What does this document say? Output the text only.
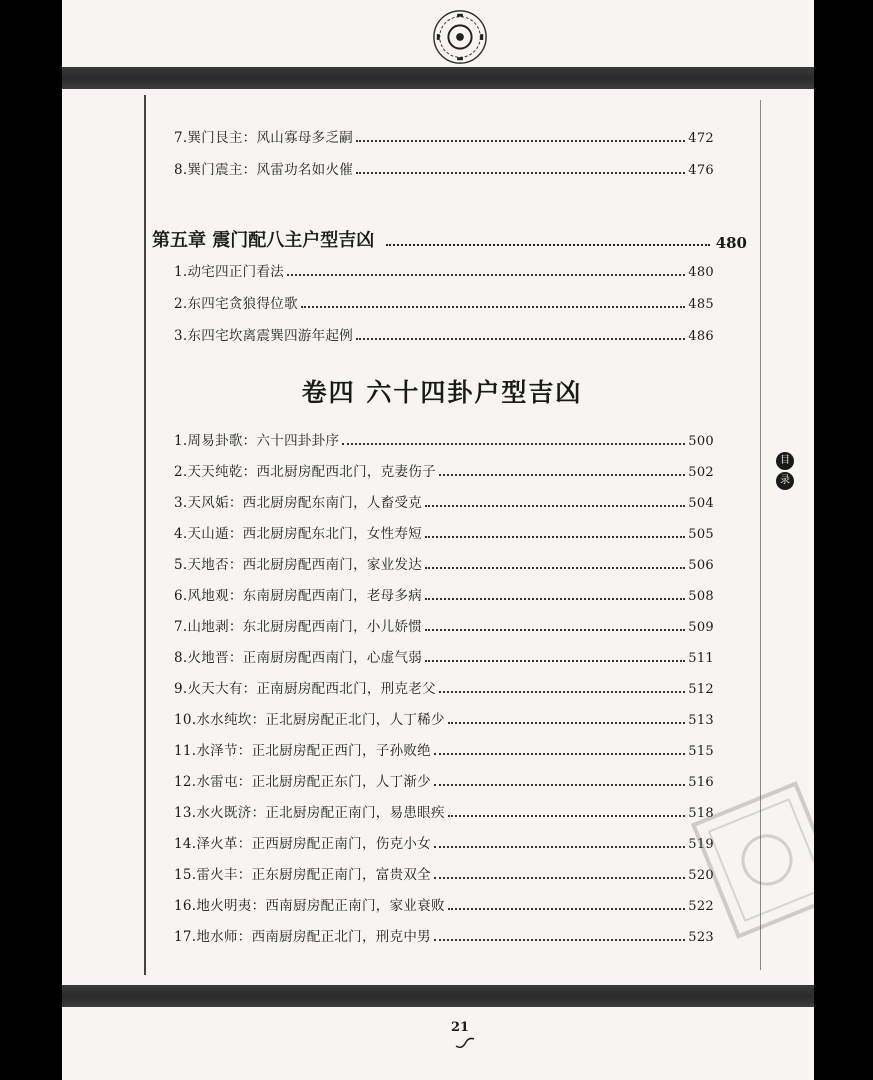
7.巽门艮主：风山寡母多乏嗣	472
8.巽门震主：风雷功名如火催	476
第五章 震门配八主户型吉凶	480
1.动宅四正门看法	480
2.东四宅贪狼得位歌	485
3.东四宅坎离震巽四游年起例	486
卷四 六十四卦户型吉凶
1.周易卦歌：六十四卦卦序	500
2.天天纯乾：西北厨房配西北门，克妻伤子	502
3.天风姤：西北厨房配东南门，人畜受克	504
4.天山遁：西北厨房配东北门，女性寿短	505
5.天地否：西北厨房配西南门，家业发达	506
6.风地观：东南厨房配西南门，老母多病	508
7.山地剥：东北厨房配西南门，小儿娇惯	509
8.火地晋：正南厨房配西南门，心虚气弱	511
9.火天大有：正南厨房配西北门，刑克老父	512
10.水水纯坎：正北厨房配正北门，人丁稀少	513
11.水泽节：正北厨房配正西门，子孙败绝	515
12.水雷屯：正北厨房配正东门，人丁渐少	516
13.水火既济：正北厨房配正南门，易患眼疾	518
14.泽火革：正西厨房配正南门，伤克小女	519
15.雷火丰：正东厨房配正南门，富贵双全	520
16.地火明夷：西南厨房配正南门，家业衰败	522
17.地水师：西南厨房配正北门，刑克中男	523
目
录
21
